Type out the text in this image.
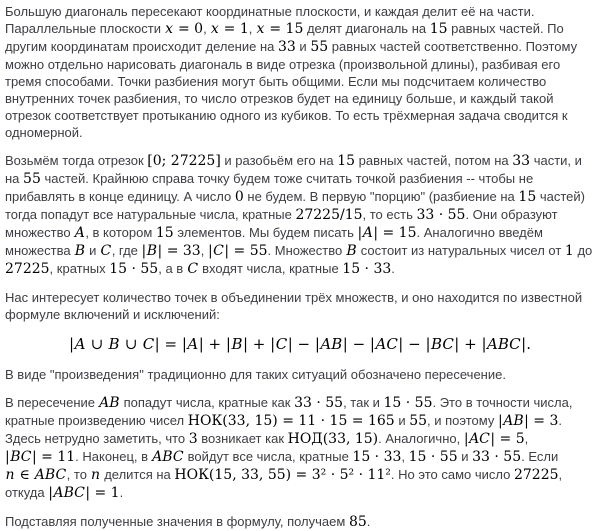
Большую диагональ пересекают координатные плоскости, и каждая делит её на части. Параллельные плоскости x = 0, x = 1, x = 15 делят диагональ на 15 равных частей. По другим координатам происходит деление на 33 и 55 равных частей соответственно. Поэтому можно отдельно нарисовать диагональ в виде отрезка (произвольной длины), разбивая его тремя способами. Точки разбиения могут быть общими. Если мы подсчитаем количество внутренних точек разбиения, то число отрезков будет на единицу больше, и каждый такой отрезок соответствует протыканию одного из кубиков. То есть трёхмерная задача сводится к одномерной.
Возьмём тогда отрезок [0; 27225] и разобьём его на 15 равных частей, потом на 33 части, и на 55 частей. Крайнюю справа точку будем тоже считать точкой разбиения -- чтобы не прибавлять в конце единицу. А число 0 не будем. В первую "порцию" (разбиение на 15 частей) тогда попадут все натуральные числа, кратные 27225/15, то есть 33 · 55. Они образуют множество A, в котором 15 элементов. Мы будем писать |A| = 15. Аналогично введём множества B и C, где |B| = 33, |C| = 55. Множество B состоит из натуральных чисел от 1 до 27225, кратных 15 · 55, а в C входят числа, кратные 15 · 33.
Нас интересует количество точек в объединении трёх множеств, и оно находится по известной формуле включений и исключений:
|A ∪ B ∪ C| = |A| + |B| + |C| − |AB| − |AC| − |BC| + |ABC|.
В виде "произведения" традиционно для таких ситуаций обозначено пересечение.
В пересечение AB попадут числа, кратные как 33 · 55, так и 15 · 55. Это в точности числа, кратные произведению чисел НОК(33, 15) = 11 · 15 = 165 и 55, и поэтому |AB| = 3. Здесь нетрудно заметить, что 3 возникает как НОД(33, 15). Аналогично, |AC| = 5, |BC| = 11. Наконец, в ABC войдут все числа, кратные 15 · 33, 15 · 55 и 33 · 55. Если n ∈ ABC, то n делится на НОК(15, 33, 55) = 3² · 5² · 11². Но это само число 27225, откуда |ABC| = 1.
Подставляя полученные значения в формулу, получаем 85.
